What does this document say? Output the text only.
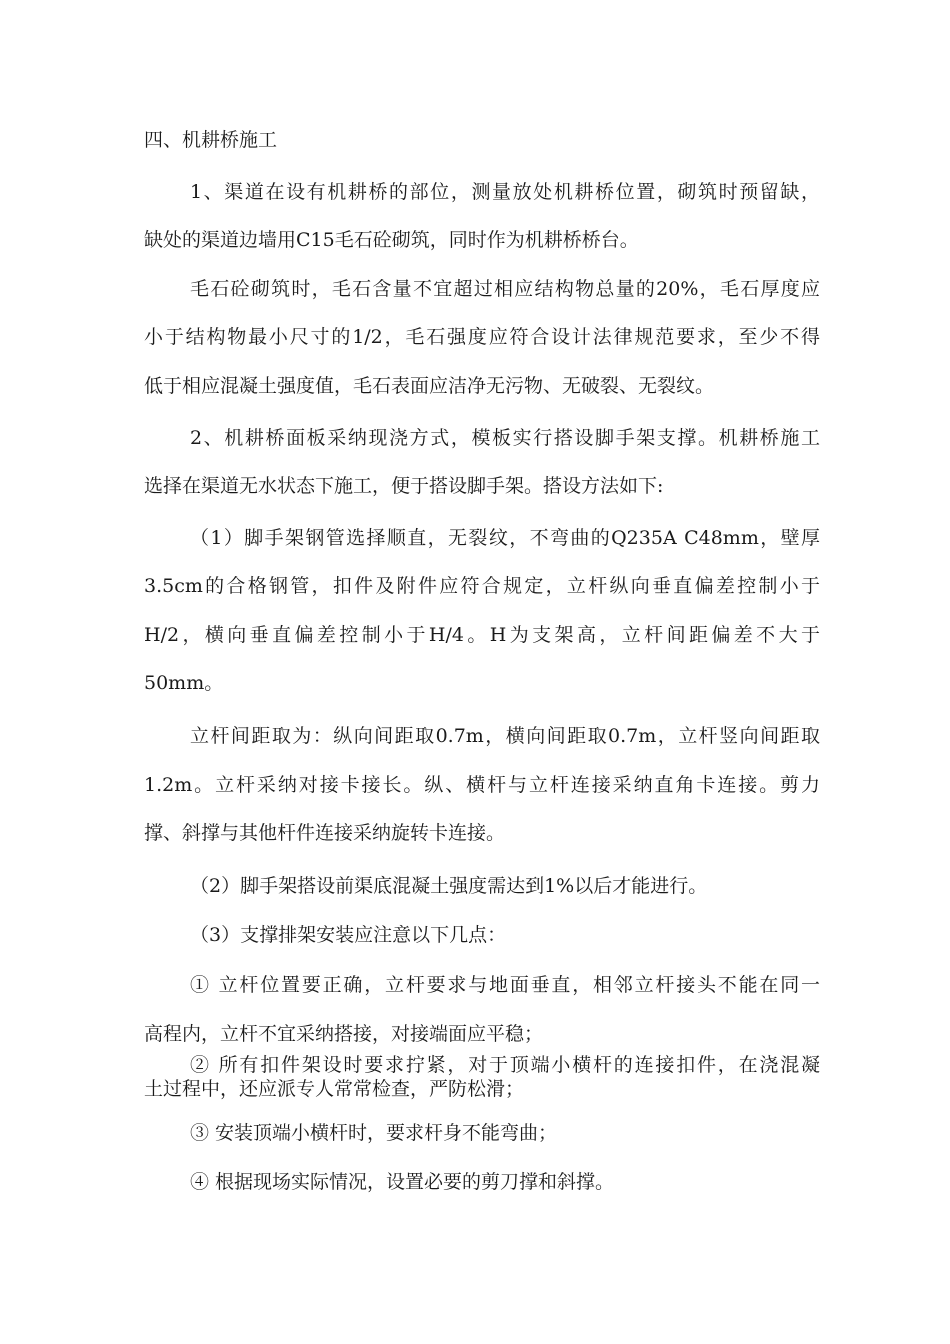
四、机耕桥施工
1、渠道在设有机耕桥的部位，测量放处机耕桥位置，砌筑时预留缺，
缺处的渠道边墙用C15毛石砼砌筑，同时作为机耕桥桥台。
毛石砼砌筑时，毛石含量不宜超过相应结构物总量的20%，毛石厚度应
小于结构物最小尺寸的1/2，毛石强度应符合设计法律规范要求，至少不得
低于相应混凝土强度值，毛石表面应洁净无污物、无破裂、无裂纹。
2、机耕桥面板采纳现浇方式，模板实行搭设脚手架支撑。机耕桥施工
选择在渠道无水状态下施工，便于搭设脚手架。搭设方法如下:
（1）脚手架钢管选择顺直，无裂纹，不弯曲的Q235A C48mm，壁厚
3.5cm的合格钢管，扣件及附件应符合规定，立杆纵向垂直偏差控制小于
H/2，横向垂直偏差控制小于H/4。H为支架高，立杆间距偏差不大于
50mm。
立杆间距取为：纵向间距取0.7m，横向间距取0.7m，立杆竖向间距取
1.2m。立杆采纳对接卡接长。纵、横杆与立杆连接采纳直角卡连接。剪力
撑、斜撑与其他杆件连接采纳旋转卡连接。
（2）脚手架搭设前渠底混凝土强度需达到1%以后才能进行。
（3）支撑排架安装应注意以下几点：
① 立杆位置要正确，立杆要求与地面垂直，相邻立杆接头不能在同一
高程内，立杆不宜采纳搭接，对接端面应平稳；
② 所有扣件架设时要求拧紧，对于顶端小横杆的连接扣件，在浇混凝
土过程中，还应派专人常常检查，严防松滑；
③ 安装顶端小横杆时，要求杆身不能弯曲；
④ 根据现场实际情况，设置必要的剪刀撑和斜撑。
